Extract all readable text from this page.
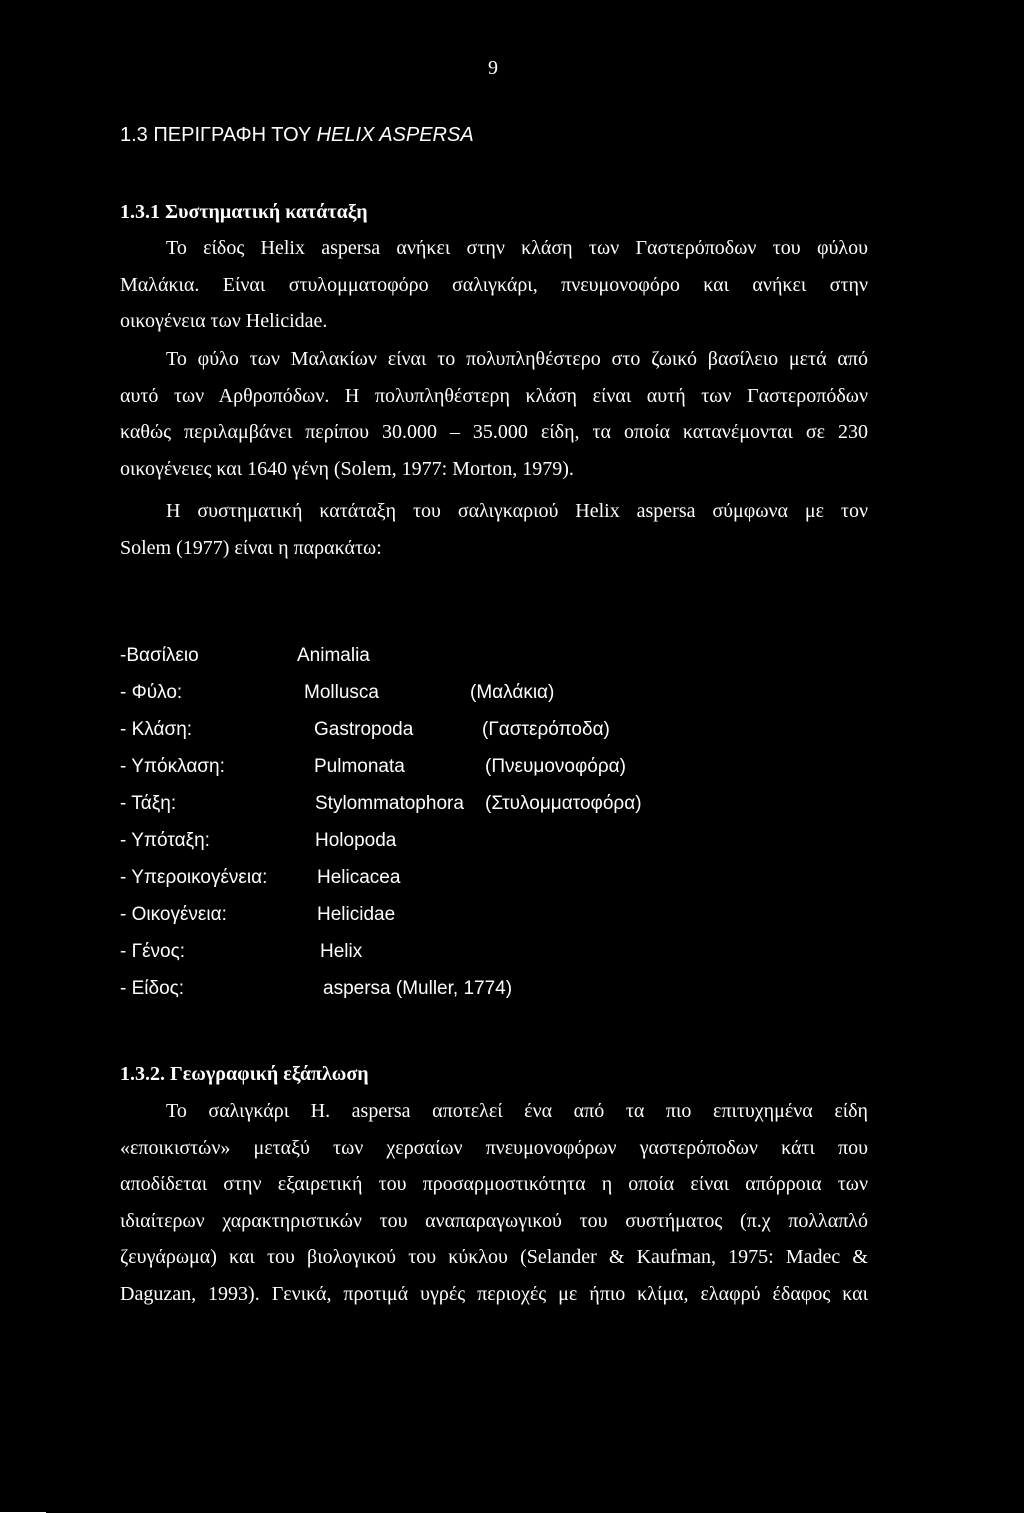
9
1.3 ΠΕΡΙΓΡΑΦΗ ΤΟΥ HELIX ASPERSA
1.3.1 Συστηματική κατάταξη
Το είδος Helix aspersa ανήκει στην κλάση των Γαστερόποδων του φύλου
Μαλάκια. Είναι στυλομματοφόρο σαλιγκάρι, πνευμονοφόρο και ανήκει στην
οικογένεια των Helicidae.
Το φύλο των Μαλακίων είναι το πολυπληθέστερο στο ζωικό βασίλειο μετά από
αυτό των Αρθροπόδων. Η πολυπληθέστερη κλάση είναι αυτή των Γαστεροπόδων
καθώς περιλαμβάνει περίπου 30.000 – 35.000 είδη, τα οποία κατανέμονται σε 230
οικογένειες και 1640 γένη (Solem, 1977: Morton, 1979).
Η συστηματική κατάταξη του σαλιγκαριού Helix aspersa σύμφωνα με τον
Solem (1977) είναι η παρακάτω:
-Βασίλειο	Animalia
- Φύλο:	Mollusca	(Μαλάκια)
- Κλάση:	Gastropoda	(Γαστερόποδα)
- Υπόκλαση:	Pulmonata	(Πνευμονοφόρα)
- Τάξη:	Stylommatophora (Στυλομματοφόρα)
- Υπόταξη:	Holopoda
- Υπεροικογένεια:	Helicacea
- Οικογένεια:	Helicidae
- Γένος:	Helix
- Είδος:	aspersa (Muller, 1774)
1.3.2. Γεωγραφική εξάπλωση
Το σαλιγκάρι Η. aspersa αποτελεί ένα από τα πιο επιτυχημένα είδη
«εποικιστών» μεταξύ των χερσαίων πνευμονοφόρων γαστερόποδων κάτι που
αποδίδεται στην εξαιρετική του προσαρμοστικότητα η οποία είναι απόρροια των
ιδιαίτερων χαρακτηριστικών του αναπαραγωγικού του συστήματος (π.χ πολλαπλό
ζευγάρωμα) και του βιολογικού του κύκλου (Selander & Kaufman, 1975: Madec &
Daguzan, 1993). Γενικά, προτιμά υγρές περιοχές με ήπιο κλίμα, ελαφρύ έδαφος και
